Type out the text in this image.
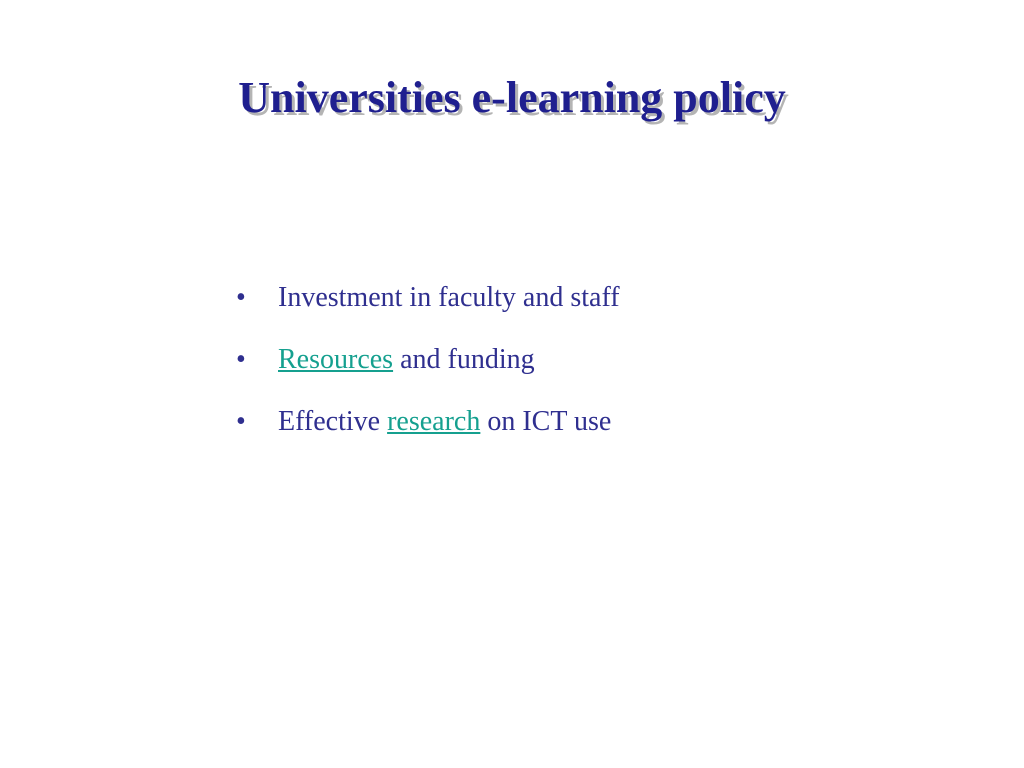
Universities e-learning policy
•	Investment in faculty and staff
•	Resources and funding
•	Effective research on ICT use
